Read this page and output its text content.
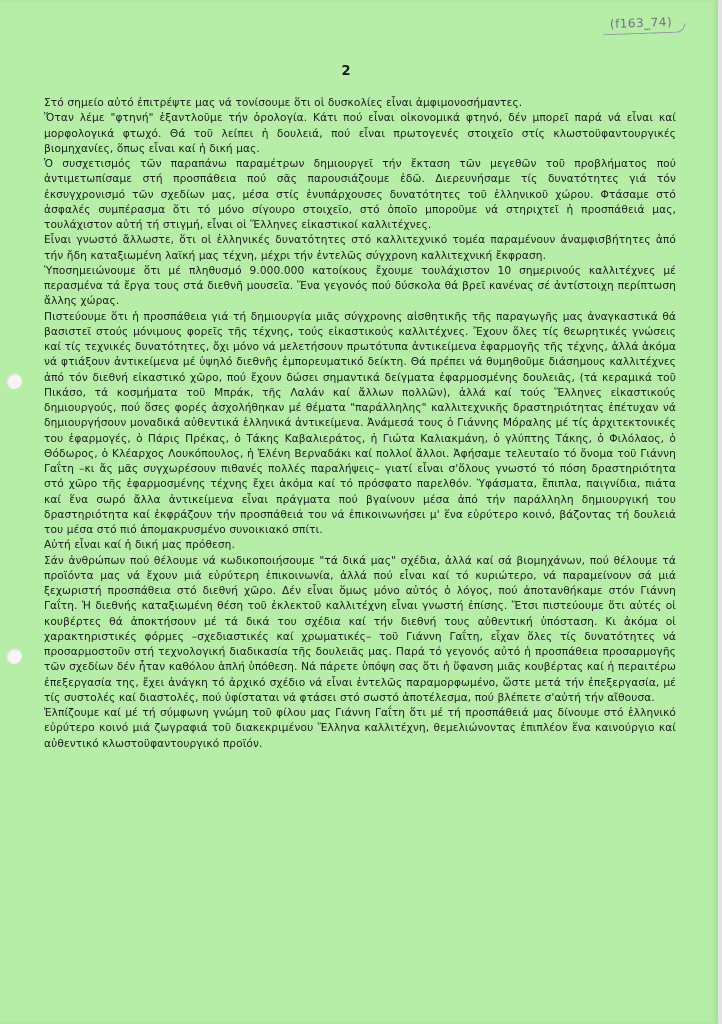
(f163_74)
2

Στό σημείο αὐτό ἐπιτρέψτε μας νά τονίσουμε ὅτι οἱ δυσκολίες εἶναι ἀμφιμονοσήμαντες.

Ὅταν λέμε "φτηνή" ἐξαντλοῦμε τήν ὁρολογία. Κάτι πού εἶναι οἰκονομικά φτηνό, δέν μπορεῖ παρά νά εἶναι καί μορφολογικά φτωχό. Θά τοῦ λείπει ἡ δουλειά, πού εἶναι πρωτογενές στοιχεῖο στίς κλωστοϋφαντουργικές βιομηχανίες, ὅπως εἶναι καί ἡ δική μας.

Ὁ συσχετισμός τῶν παραπάνω παραμέτρων δημιουργεῖ τήν ἔκταση τῶν μεγεθῶν τοῦ προβλήματος πού ἀντιμετωπίσαμε στή προσπάθεια πού σᾶς παρουσιάζουμε ἐδῶ. Διερευνήσαμε τίς δυνατότητες γιά τόν ἐκσυγχρονισμό τῶν σχεδίων μας, μέσα στίς ἐνυπάρχουσες δυνατότητες τοῦ ἑλληνικοῦ χώρου. Φτάσαμε στό ἀσφαλές συμπέρασμα ὅτι τό μόνο σίγουρο στοιχεῖο, στό ὁποῖο μποροῦμε νά στηριχτεῖ ἡ προσπάθειά μας, τουλάχιστον αὐτή τή στιγμή, εἶναι οἱ Ἕλληνες εἰκαστικοί καλλιτέχνες.

Εἶναι γνωστό ἄλλωστε, ὅτι οἱ ἑλληνικές δυνατότητες στό καλλιτεχνικό τομέα παραμένουν ἀναμφισβήτητες ἀπό τήν ἤδη καταξιωμένη λαϊκή μας τέχνη, μέχρι τήν ἐντελῶς σύγχρονη καλλιτεχνική ἔκφραση.

Ὑποσημειώνουμε ὅτι μέ πληθυσμό 9.000.000 κατοίκους ἔχουμε τουλάχιστον 10 σημερινούς καλλιτέχνες μέ περασμένα τά ἔργα τους στά διεθνῆ μουσεῖα. Ἕνα γεγονός πού δύσκολα θά βρεῖ κανένας σέ ἀντίστοιχη περίπτωση ἄλλης χώρας.

Πιστεύουμε ὅτι ἡ προσπάθεια γιά τή δημιουργία μιᾶς σύγχρονης αἰσθητικῆς τῆς παραγωγῆς μας ἀναγκαστικά θά βασιστεῖ στούς μόνιμους φορεῖς τῆς τέχνης, τούς εἰκαστικούς καλλιτέχνες. Ἔχουν ὅλες τίς θεωρητικές γνώσεις καί τίς τεχνικές δυνατότητες, ὄχι μόνο νά μελετήσουν πρωτότυπα ἀντικείμενα ἐφαρμογῆς τῆς τέχνης, ἀλλά ἀκόμα νά φτιάξουν ἀντικείμενα μέ ὑψηλό διεθνῆς ἐμπορευματικό δείκτη. Θά πρέπει νά θυμηθοῦμε διάσημους καλλιτέχνες ἀπό τόν διεθνή εἰκαστικό χῶρο, πού ἔχουν δώσει σημαντικά δείγματα ἐφαρμοσμένης δουλειᾶς, (τά κεραμικά τοῦ Πικάσο, τά κοσμήματα τοῦ Μπράκ, τῆς Λαλάν καί ἄλλων πολλῶν), ἀλλά καί τούς Ἕλληνες εἰκαστικούς δημιουργούς, πού ὅσες φορές ἀσχολήθηκαν μέ θέματα "παράλληλης" καλλιτεχνικῆς δραστηριότητας ἐπέτυχαν νά δημιουργήσουν μοναδικά αὐθεντικά ἑλληνικά ἀντικείμενα. Ἀνάμεσά τους ὁ Γιάννης Μόραλης μέ τίς ἀρχιτεκτονικές του ἐφαρμογές, ὁ Πάρις Πρέκας, ὁ Τάκης Καβαλιεράτος, ἡ Γιώτα Καλιακμάνη, ὁ γλύπτης Τάκης, ὁ Φιλόλαος, ὁ Θόδωρος, ὁ Κλέαρχος Λουκόπουλος, ἡ Ἑλένη Βερναδάκι καί πολλοί ἄλλοι. Ἀφήσαμε τελευταίο τό ὄνομα τοῦ Γιάννη Γαΐτη –κι ἄς μᾶς συγχωρέσουν πιθανές πολλές παραλήψεις– γιατί εἶναι σ'ὅλους γνωστό τό πόση δραστηριότητα στό χῶρο τῆς ἐφαρμοσμένης τέχνης ἔχει ἀκόμα καί τό πρόσφατο παρελθόν. Ὑφάσματα, ἔπιπλα, παιγνίδια, πιάτα καί ἕνα σωρό ἄλλα ἀντικείμενα εἶναι πράγματα πού βγαίνουν μέσα ἀπό τήν παράλληλη δημιουργική του δραστηριότητα καί ἐκφράζουν τήν προσπάθειά του νά ἐπικοινωνήσει μ' ἕνα εὐρύτερο κοινό, βάζοντας τή δουλειά του μέσα στό πιό ἀπομακρυσμένο συνοικιακό σπίτι.

Αὐτή εἶναι καί ἡ δική μας πρόθεση.

Σάν ἀνθρώπων πού θέλουμε νά κωδικοποιήσουμε "τά δικά μας" σχέδια, ἀλλά καί σά βιομηχάνων, πού θέλουμε τά προϊόντα μας νά ἔχουν μιά εὐρύτερη ἐπικοινωνία, ἀλλά πού εἶναι καί τό κυριώτερο, νά παραμείνουν σά μιά ξεχωριστή προσπάθεια στό διεθνή χῶρο. Δέν εἶναι ὅμως μόνο αὐτός ὁ λόγος, πού ἀποτανθήκαμε στόν Γιάννη Γαΐτη. Ἡ διεθνής καταξιωμένη θέση τοῦ ἐκλεκτοῦ καλλιτέχνη εἶναι γνωστή ἐπίσης. Ἔτσι πιστεύουμε ὅτι αὐτές οἱ κουβέρτες θά ἀποκτήσουν μέ τά δικά του σχέδια καί τήν διεθνή τους αὐθεντική ὑπόσταση. Κι ἀκόμα οἱ χαρακτηριστικές φόρμες –σχεδιαστικές καί χρωματικές– τοῦ Γιάννη Γαΐτη, εἶχαν ὅλες τίς δυνατότητες νά προσαρμοστοῦν στή τεχνολογική διαδικασία τῆς δουλειᾶς μας. Παρά τό γεγονός αὐτό ἡ προσπάθεια προσαρμογῆς τῶν σχεδίων δέν ἦταν καθόλου ἁπλή ὑπόθεση. Νά πάρετε ὑπόψη σας ὅτι ἡ ὕφανση μιᾶς κουβέρτας καί ἡ περαιτέρω ἐπεξεργασία της, ἔχει ἀνάγκη τό ἀρχικό σχέδιο νά εἶναι ἐντελῶς παραμορφωμένο, ὥστε μετά τήν ἐπεξεργασία, μέ τίς συστολές καί διαστολές, πού ὑφίσταται νά φτάσει στό σωστό ἀποτέλεσμα, πού βλέπετε σ'αὐτή τήν αἴθουσα.

Ἐλπίζουμε καί μέ τή σύμφωνη γνώμη τοῦ φίλου μας Γιάννη Γαΐτη ὅτι μέ τή προσπάθειά μας δίνουμε στό ἑλληνικό εὐρύτερο κοινό μιά ζωγραφιά τοῦ διακεκριμένου Ἕλληνα καλλιτέχνη, θεμελιώνοντας ἐπιπλέον ἕνα καινούργιο καί αὐθεντικό κλωστοϋφαντουργικό προϊόν.
